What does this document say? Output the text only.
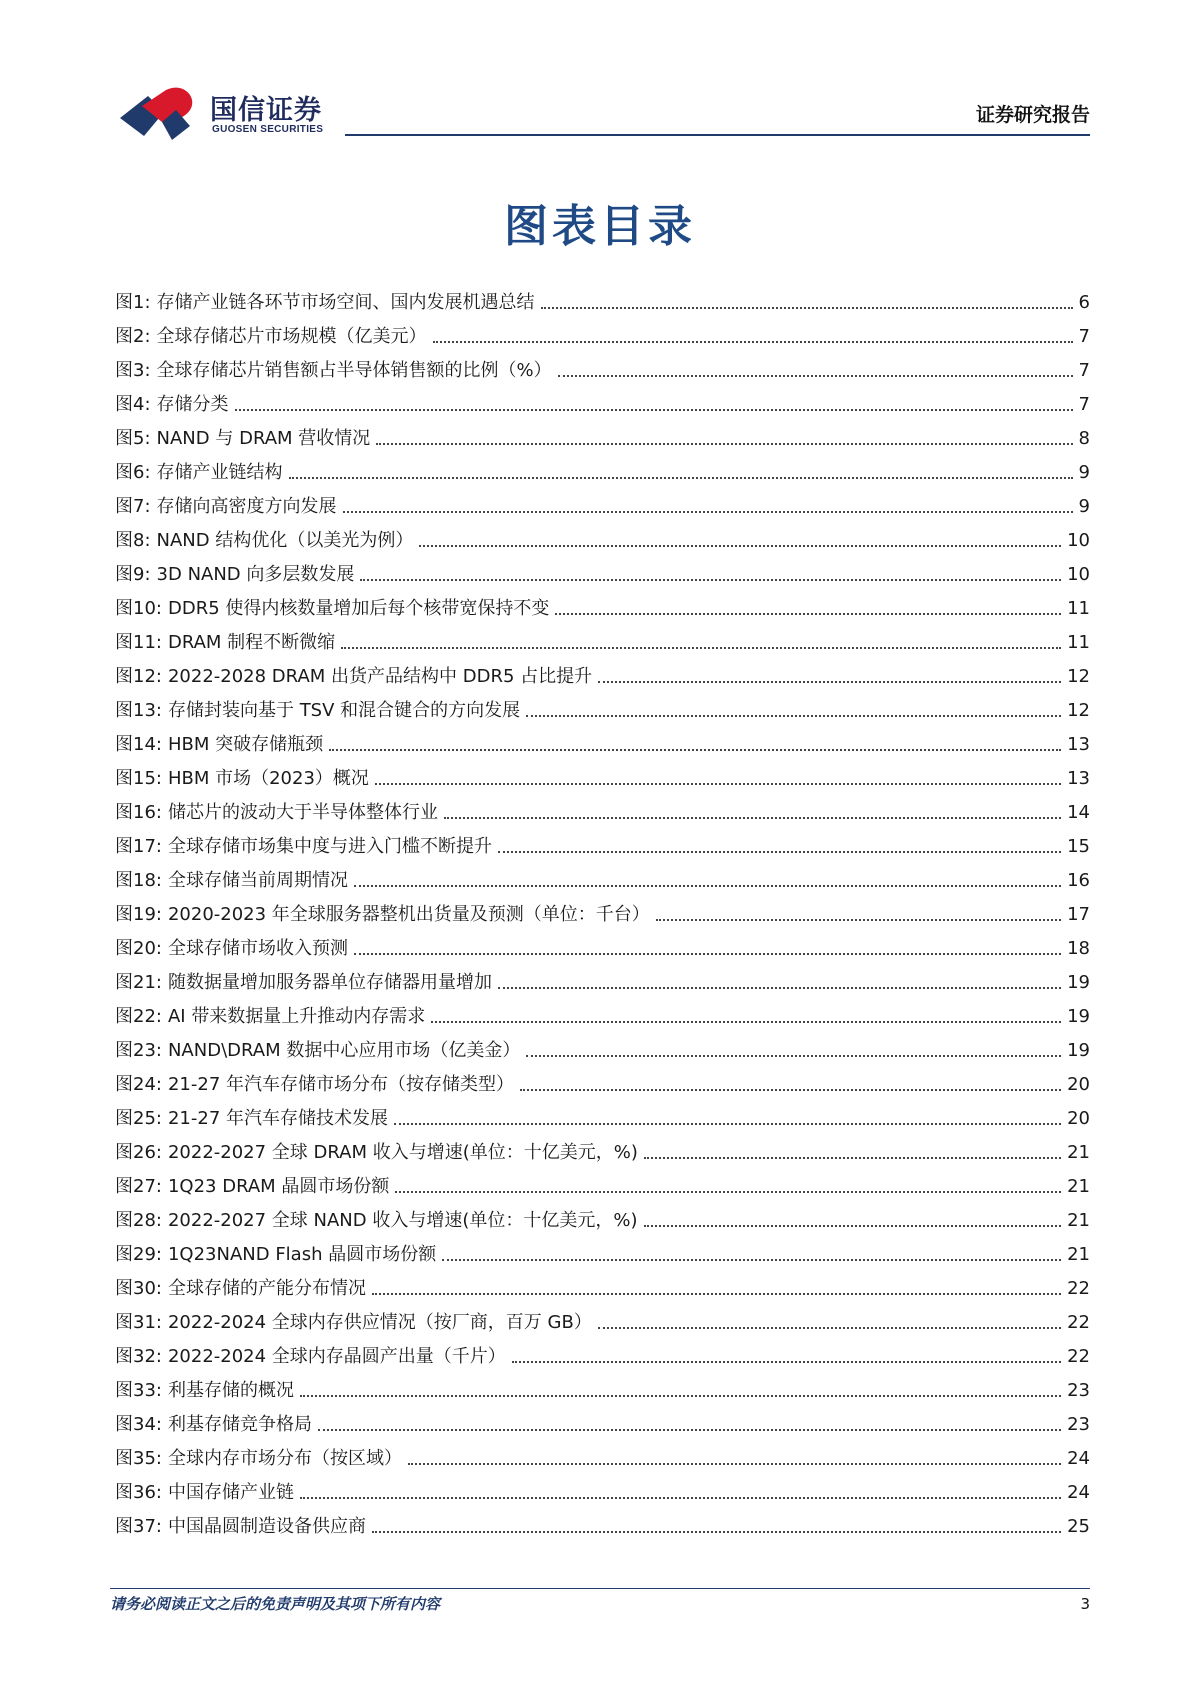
国信证券
GUOSEN SECURITIES
证券研究报告
图表目录
图1: 存储产业链各环节市场空间、国内发展机遇总结	6
图2: 全球存储芯片市场规模（亿美元）	7
图3: 全球存储芯片销售额占半导体销售额的比例（%）	7
图4: 存储分类	7
图5: NAND 与 DRAM 营收情况	8
图6: 存储产业链结构	9
图7: 存储向高密度方向发展	9
图8: NAND 结构优化（以美光为例）	10
图9: 3D NAND 向多层数发展	10
图10: DDR5 使得内核数量增加后每个核带宽保持不变	11
图11: DRAM 制程不断微缩	11
图12: 2022-2028 DRAM 出货产品结构中 DDR5 占比提升	12
图13: 存储封装向基于 TSV 和混合键合的方向发展	12
图14: HBM 突破存储瓶颈	13
图15: HBM 市场（2023）概况	13
图16: 储芯片的波动大于半导体整体行业	14
图17: 全球存储市场集中度与进入门槛不断提升	15
图18: 全球存储当前周期情况	16
图19: 2020-2023 年全球服务器整机出货量及预测（单位：千台）	17
图20: 全球存储市场收入预测	18
图21: 随数据量增加服务器单位存储器用量增加	19
图22: AI 带来数据量上升推动内存需求	19
图23: NAND\DRAM 数据中心应用市场（亿美金）	19
图24: 21-27 年汽车存储市场分布（按存储类型）	20
图25: 21-27 年汽车存储技术发展	20
图26: 2022-2027 全球 DRAM 收入与增速(单位：十亿美元，%)	21
图27: 1Q23 DRAM 晶圆市场份额	21
图28: 2022-2027 全球 NAND 收入与增速(单位：十亿美元，%)	21
图29: 1Q23NAND Flash 晶圆市场份额	21
图30: 全球存储的产能分布情况	22
图31: 2022-2024 全球内存供应情况（按厂商，百万 GB）	22
图32: 2022-2024 全球内存晶圆产出量（千片）	22
图33: 利基存储的概况	23
图34: 利基存储竞争格局	23
图35: 全球内存市场分布（按区域）	24
图36: 中国存储产业链	24
图37: 中国晶圆制造设备供应商	25
请务必阅读正文之后的免责声明及其项下所有内容	3
